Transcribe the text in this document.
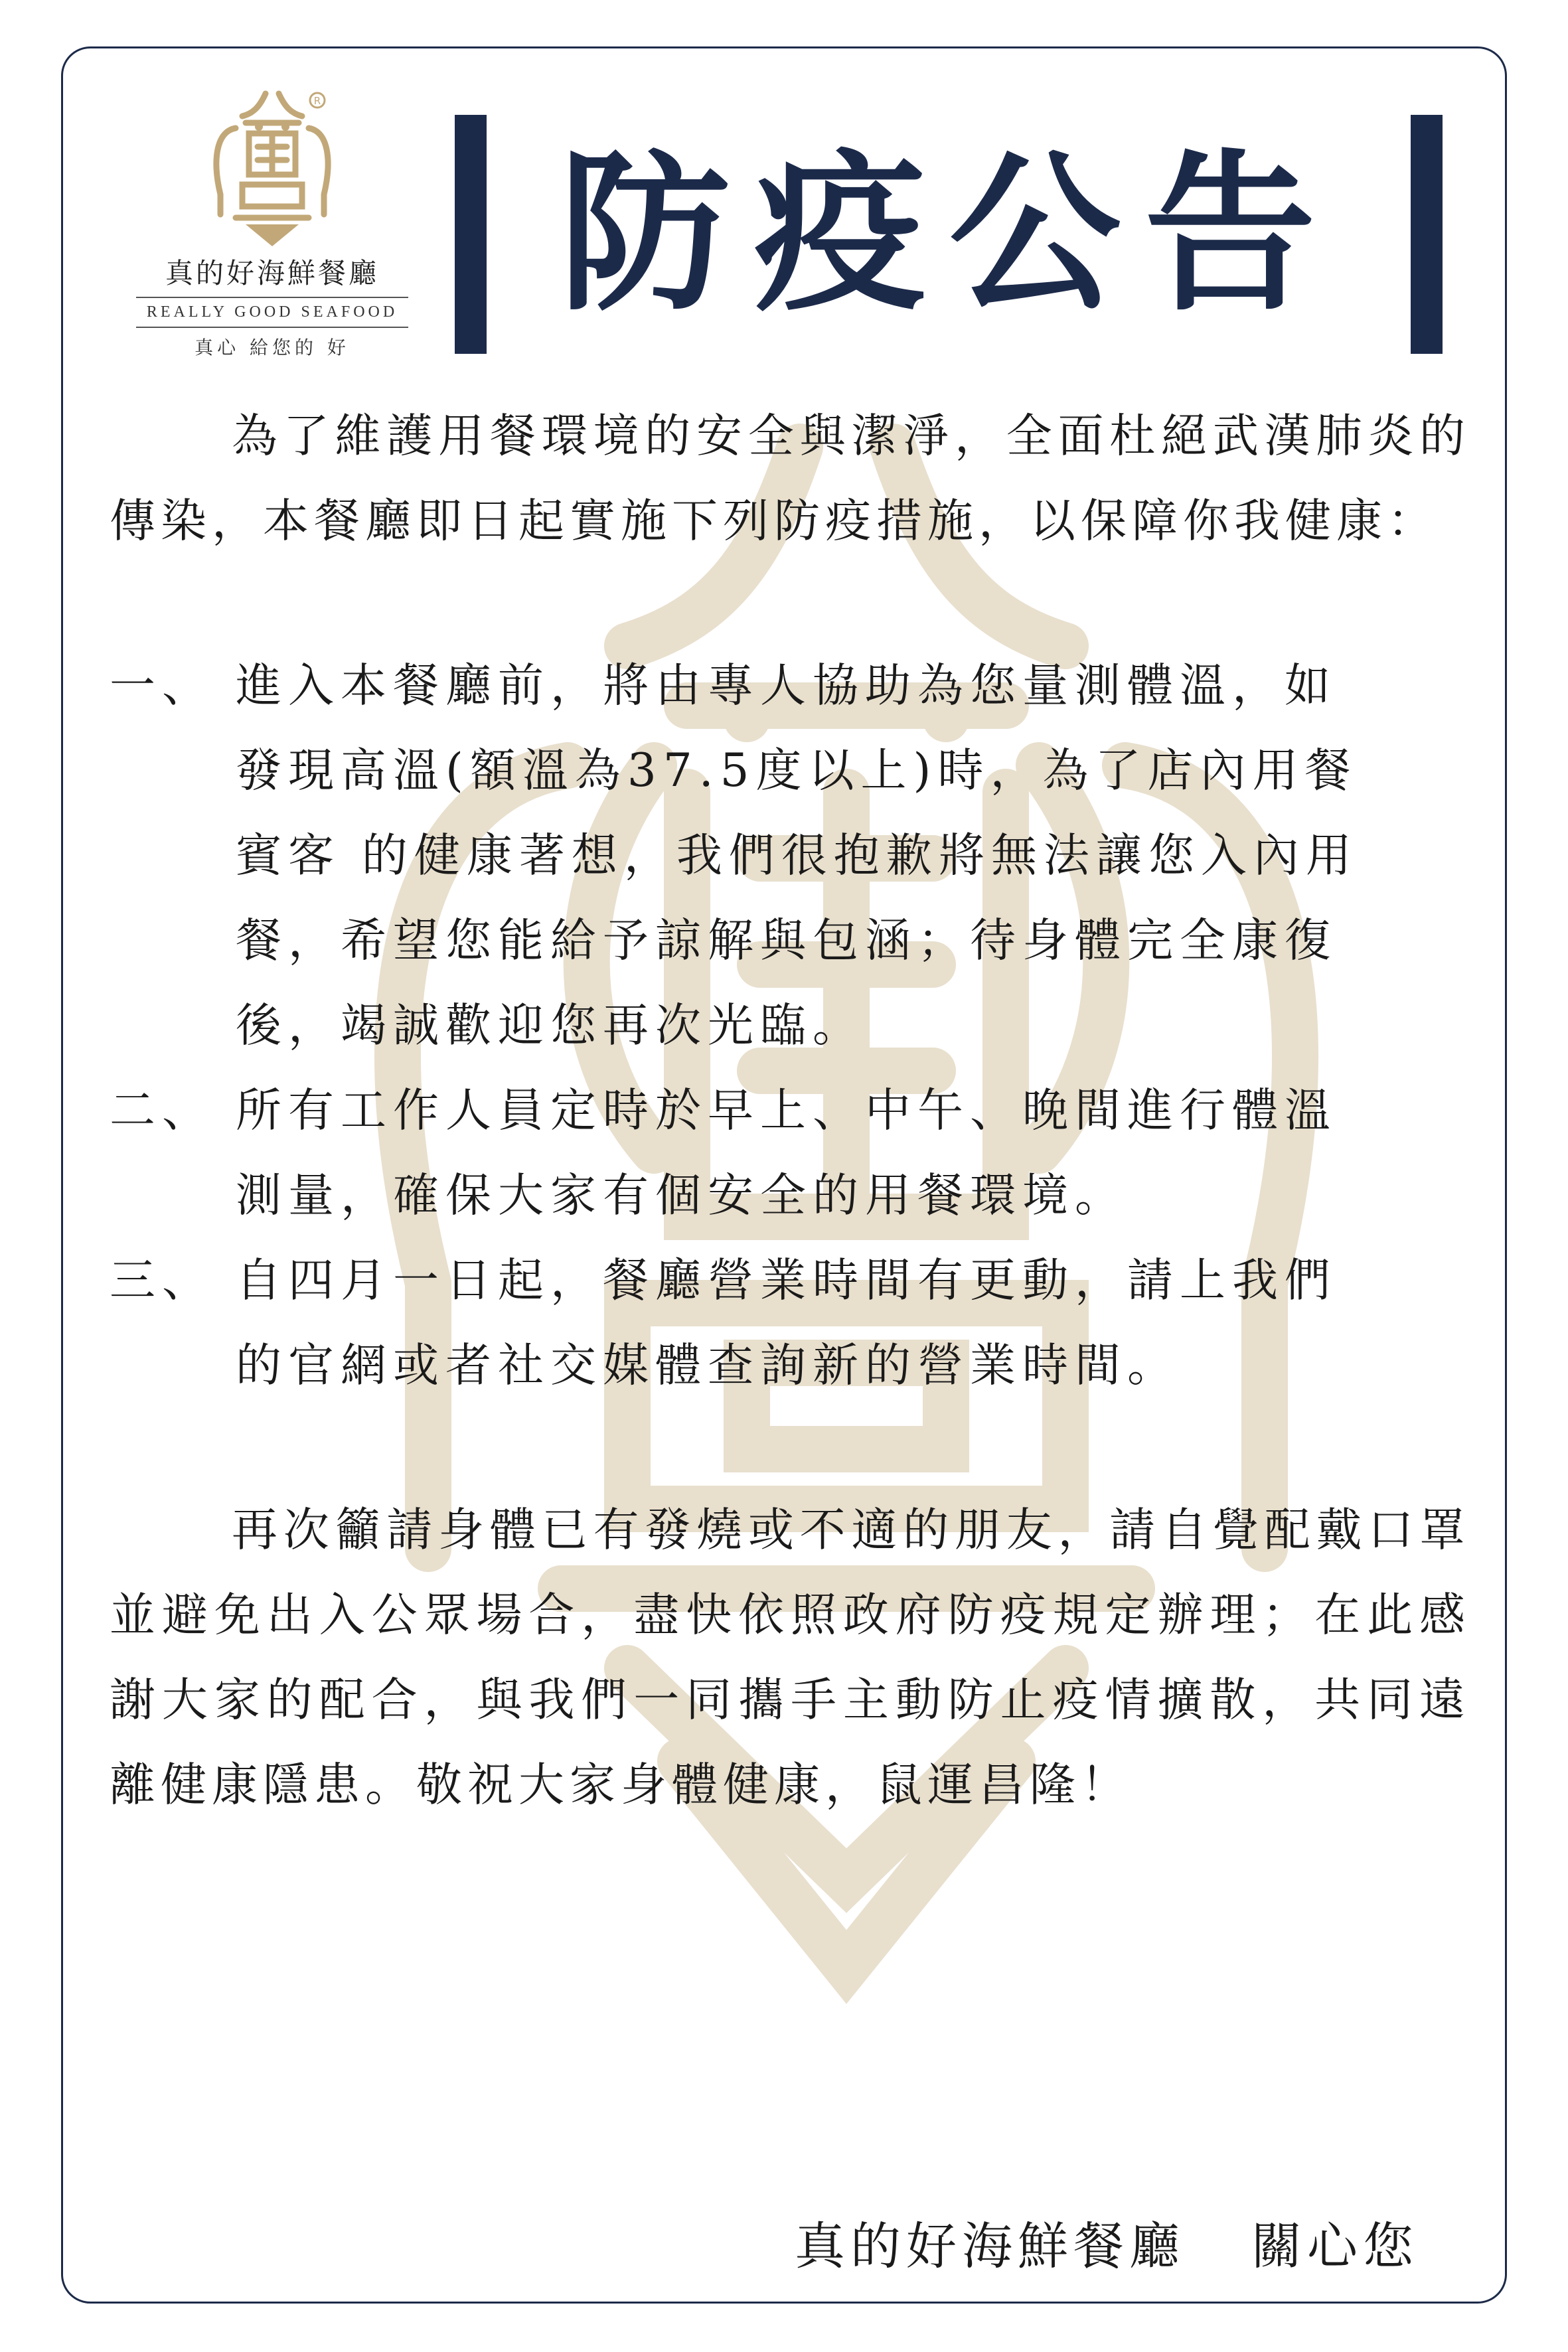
R
真的好海鮮餐廳
REALLY GOOD SEAFOOD
真心 給您的 好
防疫公告

為了維護用餐環境的安全與潔淨，全面杜絕武漢肺炎的傳染，本餐廳即日起實施下列防疫措施，以保障你我健康：

一、 進入本餐廳前，將由專人協助為您量測體溫，如發現高溫(額溫為37.5度以上)時，為了店內用餐賓客 的健康著想，我們很抱歉將無法讓您入內用餐，希望您能給予諒解與包涵；待身體完全康復後，竭誠歡迎您再次光臨。
二、 所有工作人員定時於早上、中午、晚間進行體溫測量，確保大家有個安全的用餐環境。
三、 自四月一日起，餐廳營業時間有更動，請上我們的官網或者社交媒體查詢新的營業時間。

再次籲請身體已有發燒或不適的朋友，請自覺配戴口罩並避免出入公眾場合，盡快依照政府防疫規定辦理；在此感謝大家的配合，與我們一同攜手主動防止疫情擴散，共同遠離健康隱患。敬祝大家身體健康，鼠運昌隆！

真的好海鮮餐廳 關心您
